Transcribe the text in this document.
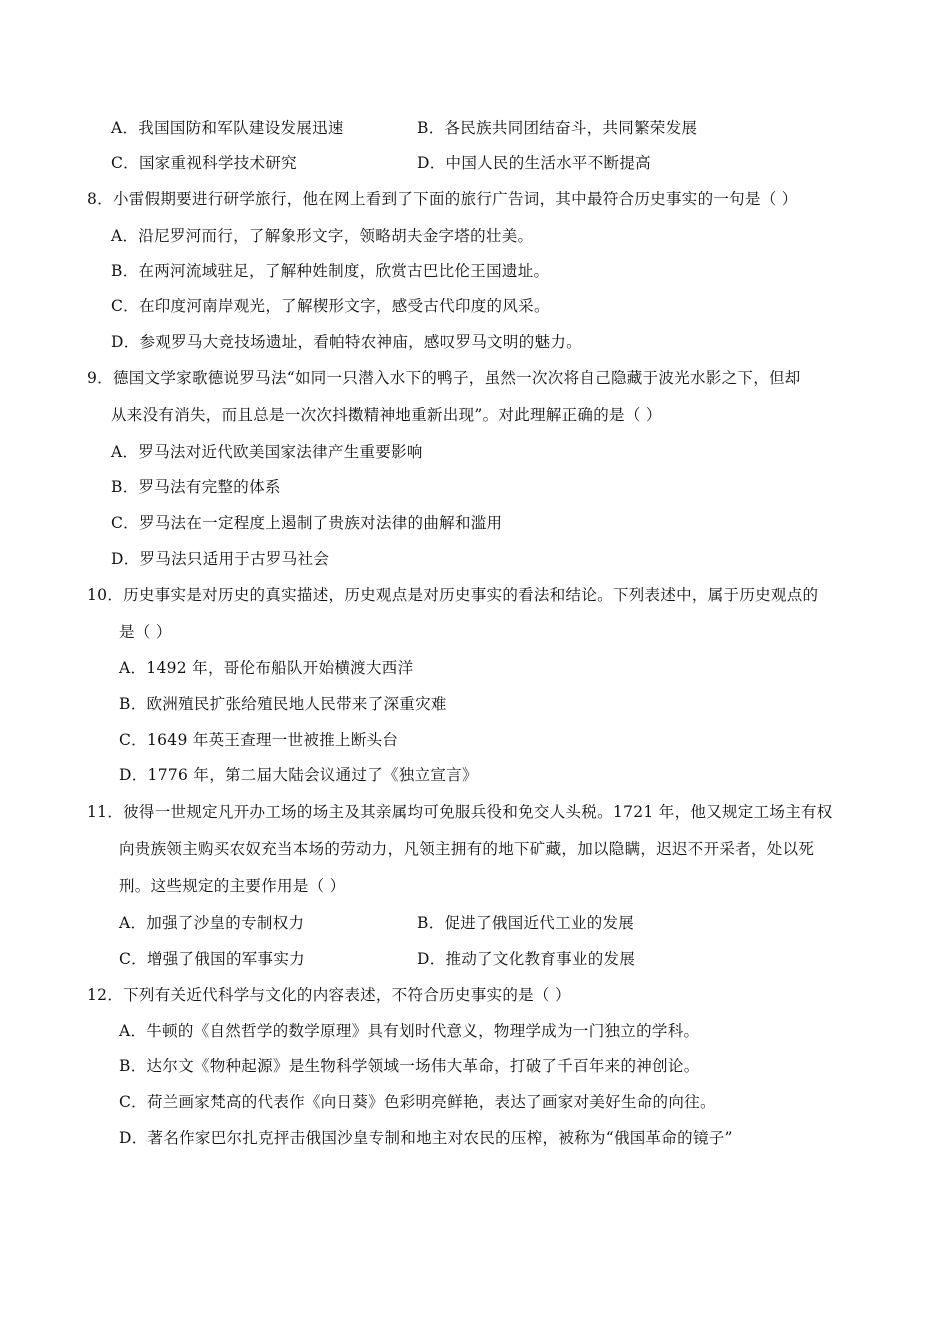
A．我国国防和军队建设发展迅速	B．各民族共同团结奋斗，共同繁荣发展
C．国家重视科学技术研究	D．中国人民的生活水平不断提高
8．小雷假期要进行研学旅行，他在网上看到了下面的旅行广告词，其中最符合历史事实的一句是（ ）
A．沿尼罗河而行，了解象形文字，领略胡夫金字塔的壮美。
B．在两河流域驻足，了解种姓制度，欣赏古巴比伦王国遗址。
C．在印度河南岸观光，了解楔形文字，感受古代印度的风采。
D．参观罗马大竞技场遗址，看帕特农神庙，感叹罗马文明的魅力。
9．德国文学家歌德说罗马法“如同一只潜入水下的鸭子，虽然一次次将自己隐藏于波光水影之下，但却
从来没有消失，而且总是一次次抖擞精神地重新出现”。对此理解正确的是（ ）
A．罗马法对近代欧美国家法律产生重要影响
B．罗马法有完整的体系
C．罗马法在一定程度上遏制了贵族对法律的曲解和滥用
D．罗马法只适用于古罗马社会
10．历史事实是对历史的真实描述，历史观点是对历史事实的看法和结论。下列表述中，属于历史观点的
是（ ）
A．1492 年，哥伦布船队开始横渡大西洋
B．欧洲殖民扩张给殖民地人民带来了深重灾难
C．1649 年英王查理一世被推上断头台
D．1776 年，第二届大陆会议通过了《独立宣言》
11．彼得一世规定凡开办工场的场主及其亲属均可免服兵役和免交人头税。1721 年，他又规定工场主有权
向贵族领主购买农奴充当本场的劳动力，凡领主拥有的地下矿藏，加以隐瞒，迟迟不开采者，处以死
刑。这些规定的主要作用是（ ）
A．加强了沙皇的专制权力	B．促进了俄国近代工业的发展
C．增强了俄国的军事实力	D．推动了文化教育事业的发展
12．下列有关近代科学与文化的内容表述，不符合历史事实的是（ ）
A．牛顿的《自然哲学的数学原理》具有划时代意义，物理学成为一门独立的学科。
B．达尔文《物种起源》是生物科学领域一场伟大革命，打破了千百年来的神创论。
C．荷兰画家梵高的代表作《向日葵》色彩明亮鲜艳，表达了画家对美好生命的向往。
D．著名作家巴尔扎克抨击俄国沙皇专制和地主对农民的压榨，被称为“俄国革命的镜子”
